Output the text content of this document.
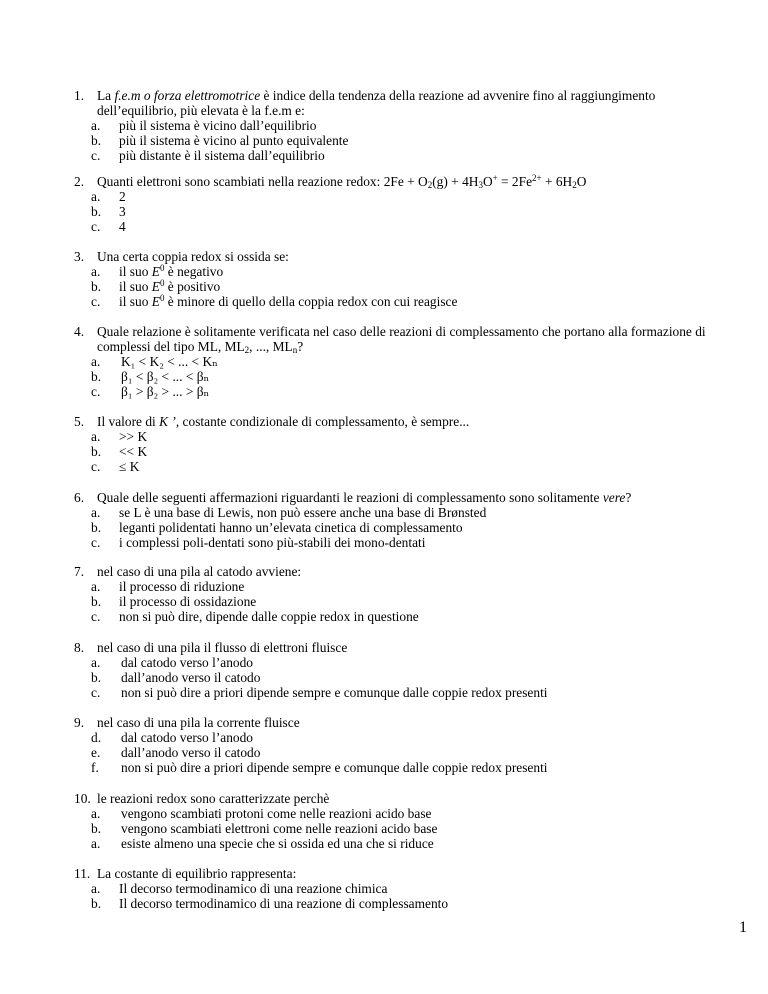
1. La f.e.m o forza elettromotrice è indice della tendenza della reazione ad avvenire fino al raggiungimento dell’equilibrio, più elevata è la f.e.m e:
a.	più il sistema è vicino dall’equilibrio
b.	più il sistema è vicino al punto equivalente
c.	più distante è il sistema dall’equilibrio
2. Quanti elettroni sono scambiati nella reazione redox: $2Fe + O_2(g) + 4H_3O^+ = 2Fe^{2+} + 6H_2O$
a.	2
b.	3
c.	4
3. Una certa coppia redox si ossida se:
a.	il suo $E^0$ è negativo
b.	il suo $E^0$ è positivo
c.	il suo $E^0$ è minore di quello della coppia redox con cui reagisce
4. Quale relazione è solitamente verificata nel caso delle reazioni di complessamento che portano alla formazione di complessi del tipo ML, $ML_2$, ..., $ML_n$?
a.	K₁ < K₂ < ... < Kₙ
b.	β₁ < β₂ < ... < βₙ
c.	β₁ > β₂ > ... > βₙ
5. Il valore di K ’, costante condizionale di complessamento, è sempre...
a.	>> K
b.	<< K
c.	≤ K
6. Quale delle seguenti affermazioni riguardanti le reazioni di complessamento sono solitamente vere?
a.	se L è una base di Lewis, non può essere anche una base di Brønsted
b.	leganti polidentati hanno un’elevata cinetica di complessamento
c.	i complessi poli-dentati sono più-stabili dei mono-dentati
7. nel caso di una pila al catodo avviene:
a.	il processo di riduzione
b.	il processo di ossidazione
c.	non si può dire, dipende dalle coppie redox in questione
8. nel caso di una pila il flusso di elettroni fluisce
a.	dal catodo verso l’anodo
b.	dall’anodo verso il catodo
c.	non si può dire a priori dipende sempre e comunque dalle coppie redox presenti
9. nel caso di una pila la corrente fluisce
d.	dal catodo verso l’anodo
e.	dall’anodo verso il catodo
f.	non si può dire a priori dipende sempre e comunque dalle coppie redox presenti
10. le reazioni redox sono caratterizzate perchè
a.	vengono scambiati protoni come nelle reazioni acido base
b.	vengono scambiati elettroni come nelle reazioni acido base
a.	esiste almeno una specie che si ossida ed una che si riduce
11. La costante di equilibrio rappresenta:
a.	Il decorso termodinamico di una reazione chimica
b.	Il decorso termodinamico di una reazione di complessamento
1
